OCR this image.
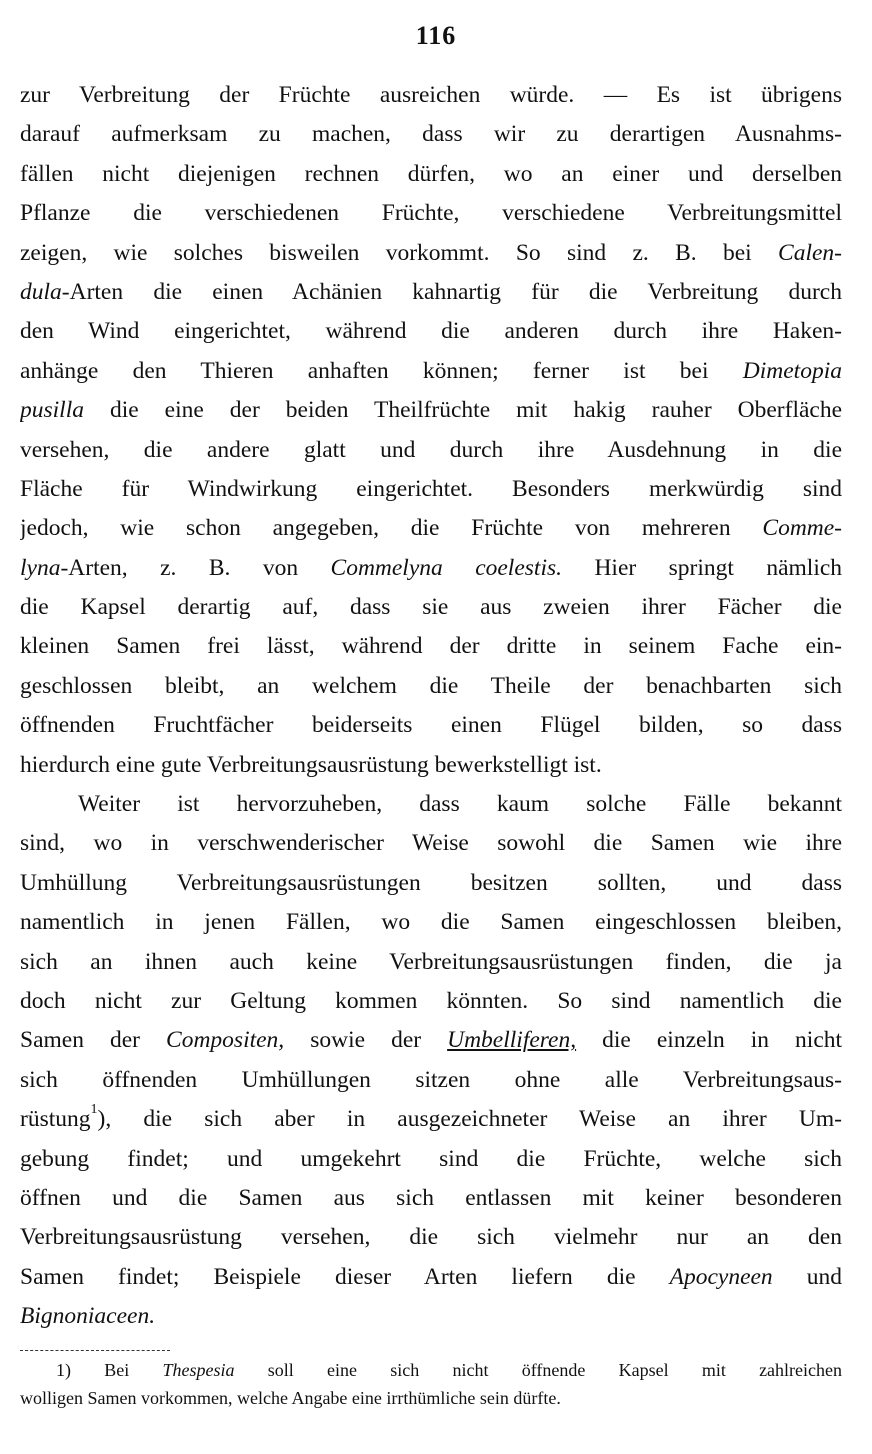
116
zur Verbreitung der Früchte ausreichen würde. — Es ist übrigens
darauf aufmerksam zu machen, dass wir zu derartigen Ausnahms-
fällen nicht diejenigen rechnen dürfen, wo an einer und derselben
Pflanze die verschiedenen Früchte, verschiedene Verbreitungsmittel
zeigen, wie solches bisweilen vorkommt. So sind z. B. bei Calen-
dula-Arten die einen Achänien kahnartig für die Verbreitung durch
den Wind eingerichtet, während die anderen durch ihre Haken-
anhänge den Thieren anhaften können; ferner ist bei Dimetopia
pusilla die eine der beiden Theilfrüchte mit hakig rauher Oberfläche
versehen, die andere glatt und durch ihre Ausdehnung in die
Fläche für Windwirkung eingerichtet. Besonders merkwürdig sind
jedoch, wie schon angegeben, die Früchte von mehreren Comme-
lyna-Arten, z. B. von Commelyna coelestis. Hier springt nämlich
die Kapsel derartig auf, dass sie aus zweien ihrer Fächer die
kleinen Samen frei lässt, während der dritte in seinem Fache ein-
geschlossen bleibt, an welchem die Theile der benachbarten sich
öffnenden Fruchtfächer beiderseits einen Flügel bilden, so dass
hierdurch eine gute Verbreitungsausrüstung bewerkstelligt ist.
Weiter ist hervorzuheben, dass kaum solche Fälle bekannt
sind, wo in verschwenderischer Weise sowohl die Samen wie ihre
Umhüllung Verbreitungsausrüstungen besitzen sollten, und dass
namentlich in jenen Fällen, wo die Samen eingeschlossen bleiben,
sich an ihnen auch keine Verbreitungsausrüstungen finden, die ja
doch nicht zur Geltung kommen könnten. So sind namentlich die
Samen der Compositen, sowie der Umbelliferen, die einzeln in nicht
sich öffnenden Umhüllungen sitzen ohne alle Verbreitungsaus-
rüstung$^1$), die sich aber in ausgezeichneter Weise an ihrer Um-
gebung findet; und umgekehrt sind die Früchte, welche sich
öffnen und die Samen aus sich entlassen mit keiner besonderen
Verbreitungsausrüstung versehen, die sich vielmehr nur an den
Samen findet; Beispiele dieser Arten liefern die Apocyneen und
Bignoniaceen.
1) Bei Thespesia soll eine sich nicht öffnende Kapsel mit zahlreichen
wolligen Samen vorkommen, welche Angabe eine irrthümliche sein dürfte.
